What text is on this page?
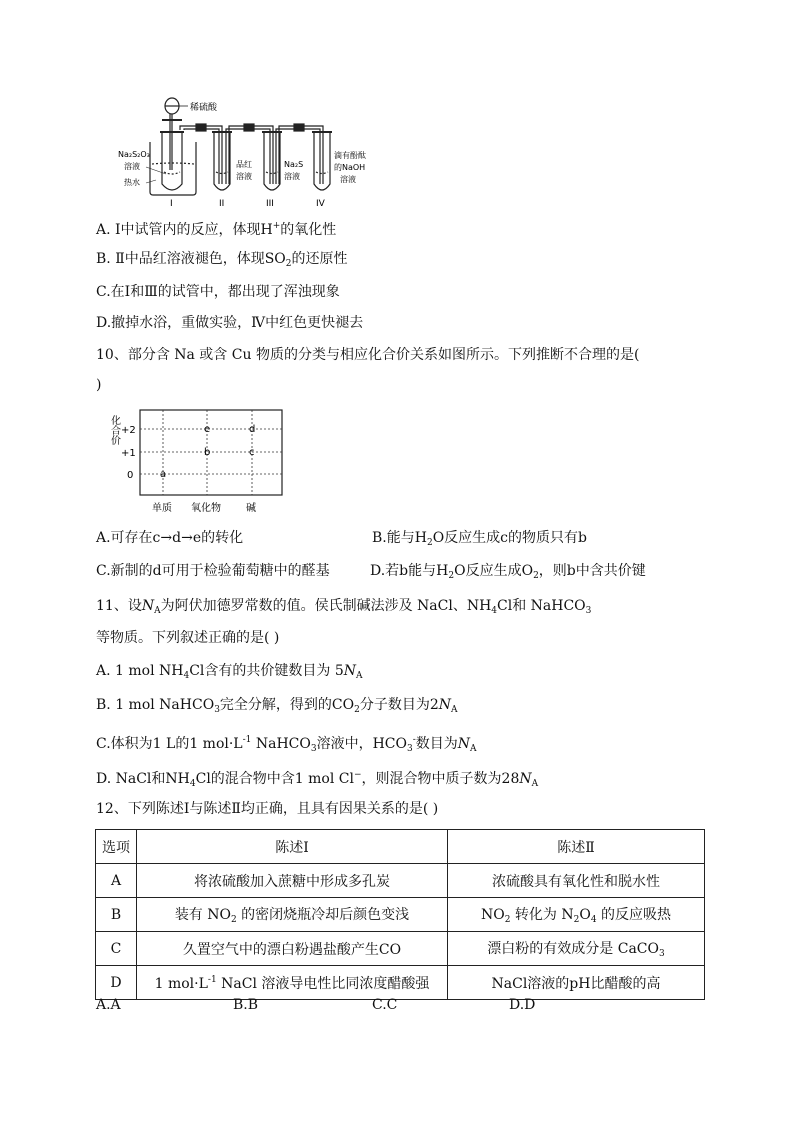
稀硫酸
Na₂S₂O₃
溶液
热水
品红
溶液
Na₂S
溶液
滴有酚酞
的NaOH
溶液
I	II	III	IV
A. Ⅰ中试管内的反应，体现H+的氧化性
B. Ⅱ中品红溶液褪色，体现$SO_2$的还原性
C.在Ⅰ和Ⅲ的试管中，都出现了浑浊现象
D.撤掉水浴，重做实验，Ⅳ中红色更快褪去
10、部分含 Na 或含 Cu 物质的分类与相应化合价关系如图所示。下列推断不合理的是(
)
化合价 +2
+1
0
单质 氧化物	碱
a
b	c
d
e
A.可存在c→d→e的转化	B.能与$H_2O$反应生成c的物质只有b
C.新制的d可用于检验葡萄糖中的醛基	D.若b能与$H_2O$反应生成$O_2$，则b中含共价键
11、设$N_A$为阿伏加德罗常数的值。侯氏制碱法涉及 NaCl、$NH_4Cl$和 NaHCO$_3$
等物质。下列叙述正确的是( )
A. 1 mol $NH_4Cl$含有的共价键数目为 $5N_A$
B. 1 mol NaHCO$_3$完全分解，得到的$CO_2$分子数目为$2N_A$
C.体积为1 L的1 $mol\cdot L^{-1}$ NaHCO$_3$溶液中，$HCO_3^-$数目为$N_A$
D. NaCl和$NH_4Cl$的混合物中含1 mol Cl−，则混合物中质子数为$28N_A$
12、下列陈述Ⅰ与陈述Ⅱ均正确，且具有因果关系的是( )
选项	陈述Ⅰ	陈述Ⅱ
A	将浓硫酸加入蔗糖中形成多孔炭	浓硫酸具有氧化性和脱水性
B	装有 $NO_2$ 的密闭烧瓶冷却后颜色变浅	$NO_2$ 转化为 $N_2O_4$ 的反应吸热
C	久置空气中的漂白粉遇盐酸产生CO	漂白粉的有效成分是 CaCO$_3$
D	1 $mol\cdot L^{-1}$ NaCl 溶液导电性比同浓度醋酸强	NaCl溶液的pH比醋酸的高
A.A	B.B	C.C	D.D
